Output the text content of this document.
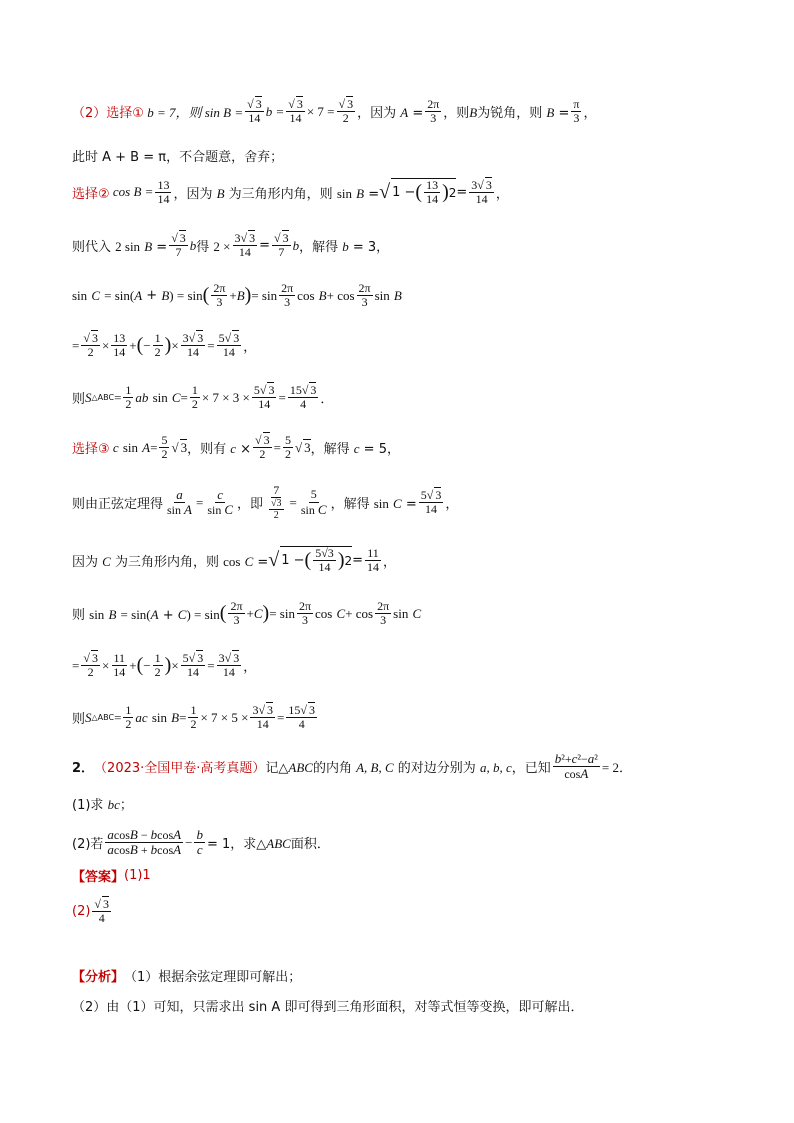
（2）选择① b = 7，则 $\sin B = \frac{√ 3}{14}$ $b = \frac{√ 3}{14} \times 7 = \frac{√ 3}{2}$ ，因为 $A = \frac{2\pi}{3}$ ，则B为锐角，则 $B = \frac{\pi}{3}$ ，
此时 A + B = π，不合题意，舍弃；
选择② $\cos B = \frac{13}{14}$ ，因为 B 为三角形内角，则 sin B = √ 1 − ( $\frac{13}{14}$ ) $2 = \frac{3√ 3}{14}$ ，
则代入 2 $\sin B = \frac{√ 3}{7}$ b 得 $2 \times \frac{3√ 3}{14} = \frac{√ 3}{7}$ b ，解得 b = 3，
sin
C
= sin( A + B ) = sin ( $\frac{2\pi}{3} + B$ ) = $\sin \frac{2\pi}{3}$ cos
$B + \cos \frac{2\pi}{3}$ sin
B
= $\frac{√ 3}{2} \times \frac{13}{14}$ + ( − $\frac{1}{2}$ ) × $\frac{3√ 3}{14} = \frac{5√ 3}{14}$ ，
则 S △ABC = $\frac{1}{2}$ ab
sin
$C = \frac{1}{2} \times 7 \times 3 \times \frac{5√ 3}{14} = \frac{15√ 3}{4}$ ．
选择③ c
sin
$A = \frac{5}{2}$ √ 3 ，则有 $c \times \frac{√ 3}{2} = \frac{5}{2}$ √ 3 ，解得 c = 5，
则由正弦定理得 $\frac{a}{\text{sin A}} = \frac{c}{\text{sin C}}$ ，即 $\frac{7}{\frac{√3}{2}} = \frac{5}{\text{sin C}}$ ，解得 $\sin C = \frac{5√ 3}{14}$ ，
因为 C 为三角形内角，则 cos C = √ 1 − ( $\frac{5√3}{14}$ ) $2 = \frac{11}{14}$ ，
则 sin B = sin(A + C) = sin ( $\frac{2\pi}{3} + C$ ) = $\sin \frac{2\pi}{3}$ cos
$C + \cos \frac{2\pi}{3}$ sin
C
= $\frac{√ 3}{2} \times \frac{11}{14}$ + ( − $\frac{1}{2}$ ) × $\frac{5√ 3}{14} = \frac{3√ 3}{14}$ ，
则 S △ABC = $\frac{1}{2}$ ac
sin
$B = \frac{1}{2} \times 7 \times 5 \times \frac{3√ 3}{14} = \frac{15√ 3}{4}$
2． （2023·全国甲卷·高考真题） 记△ABC的内角 A, B, C 的对边分别为 a, b, c，已知 $\frac{\text{b²+c²−a²}}{\cos A} = 2$．
(1)求 bc；
(2)若 $\frac{acosB - bcosA}{acosB + bcosA} - \frac{b}{c} = 1$，求△ABC面积．
【答案】 (1)1
$(2) \frac{√ 3}{4}$
【分析】 （1）根据余弦定理即可解出；
（2）由（1）可知，只需求出 sin A 即可得到三角形面积，对等式恒等变换，即可解出．
